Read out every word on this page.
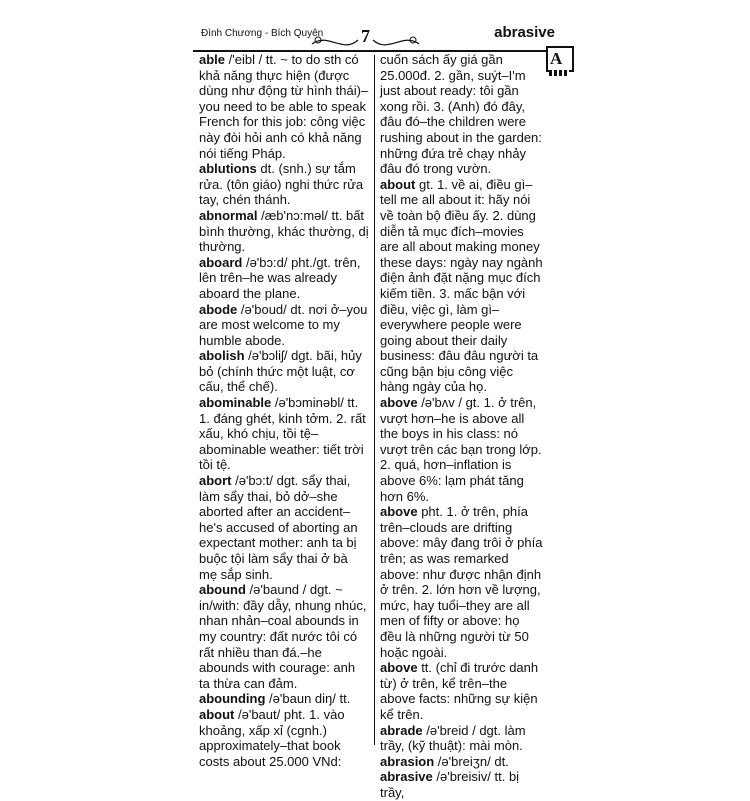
Đình Chương - Bích Quyên 7	abrasive
A
able /'eibl / tt. ~ to do sth có khả năng thực hiện (được dùng như động từ hình thái)–you need to be able to speak French for this job: công việc này đòi hỏi anh có khả năng nói tiếng Pháp.
ablutions dt. (snh.) sự tắm rửa. (tôn giáo) nghi thức rửa tay, chén thánh.
abnormal /æb'nɔ:məl/ tt. bất bình thường, khác thường, dị thường.
aboard /ə'bɔ:d/ pht./gt. trên, lên trên–he was already aboard the plane.
abode /ə'boud/ dt. nơi ở–you are most welcome to my humble abode.
abolish /ə'bɔliʃ/ dgt. bãi, hủy bỏ (chính thức một luật, cơ cấu, thể chế).
abominable /ə'bɔminəbl/ tt. 1. đáng ghét, kinh tởm. 2. rất xấu, khó chịu, tồi tệ–abominable weather: tiết trời tồi tệ.
abort /ə'bɔ:t/ dgt. sẩy thai, làm sẩy thai, bỏ dở–she aborted after an accident–he's accused of aborting an expectant mother: anh ta bị buộc tội làm sẩy thai ở bà mẹ sắp sinh.
abound /ə'baund / dgt. ~ in/with: đầy dẫy, nhung nhúc, nhan nhản–coal abounds in my country: đất nước tôi có rất nhiều than đá.–he abounds with courage: anh ta thừa can đảm.
abounding /ə'baun diŋ/ tt.
about /ə'baut/ pht. 1. vào khoảng, xấp xỉ (cgnh.) approximately–that book costs about 25.000 VNd:
cuốn sách ấy giá gần 25.000đ. 2. gần, suýt–I'm just about ready: tôi gần xong rồi. 3. (Anh) đó đây, đâu đó–the children were rushing about in the garden: những đứa trẻ chạy nhảy đâu đó trong vườn.
about gt. 1. về ai, điều gì–tell me all about it: hãy nói về toàn bộ điều ấy. 2. dùng diễn tả mục đích–movies are all about making money these days: ngày nay ngành điện ảnh đặt nặng mục đích kiếm tiền. 3. mấc bận với điều, việc gì, làm gì–everywhere people were going about their daily business: đâu đâu người ta cũng bận bịu công việc hàng ngày của họ.
above /ə'bʌv / gt. 1. ở trên, vượt hơn–he is above all the boys in his class: nó vượt trên các bạn trong lớp. 2. quá, hơn–inflation is above 6%: lạm phát tăng hơn 6%.
above pht. 1. ở trên, phía trên–clouds are drifting above: mây đang trôi ở phía trên; as was remarked above: như được nhận định ở trên. 2. lớn hơn về lượng, mức, hay tuổi–they are all men of fifty or above: họ đều là những người từ 50 hoặc ngoài.
above tt. (chỉ đi trước danh từ) ở trên, kể trên–the above facts: những sự kiện kể trên.
abrade /ə'breid / dgt. làm trầy, (kỹ thuật): mài mòn.
abrasion /ə'breiʒn/ dt.
abrasive /ə'breisiv/ tt. bị trầy,
